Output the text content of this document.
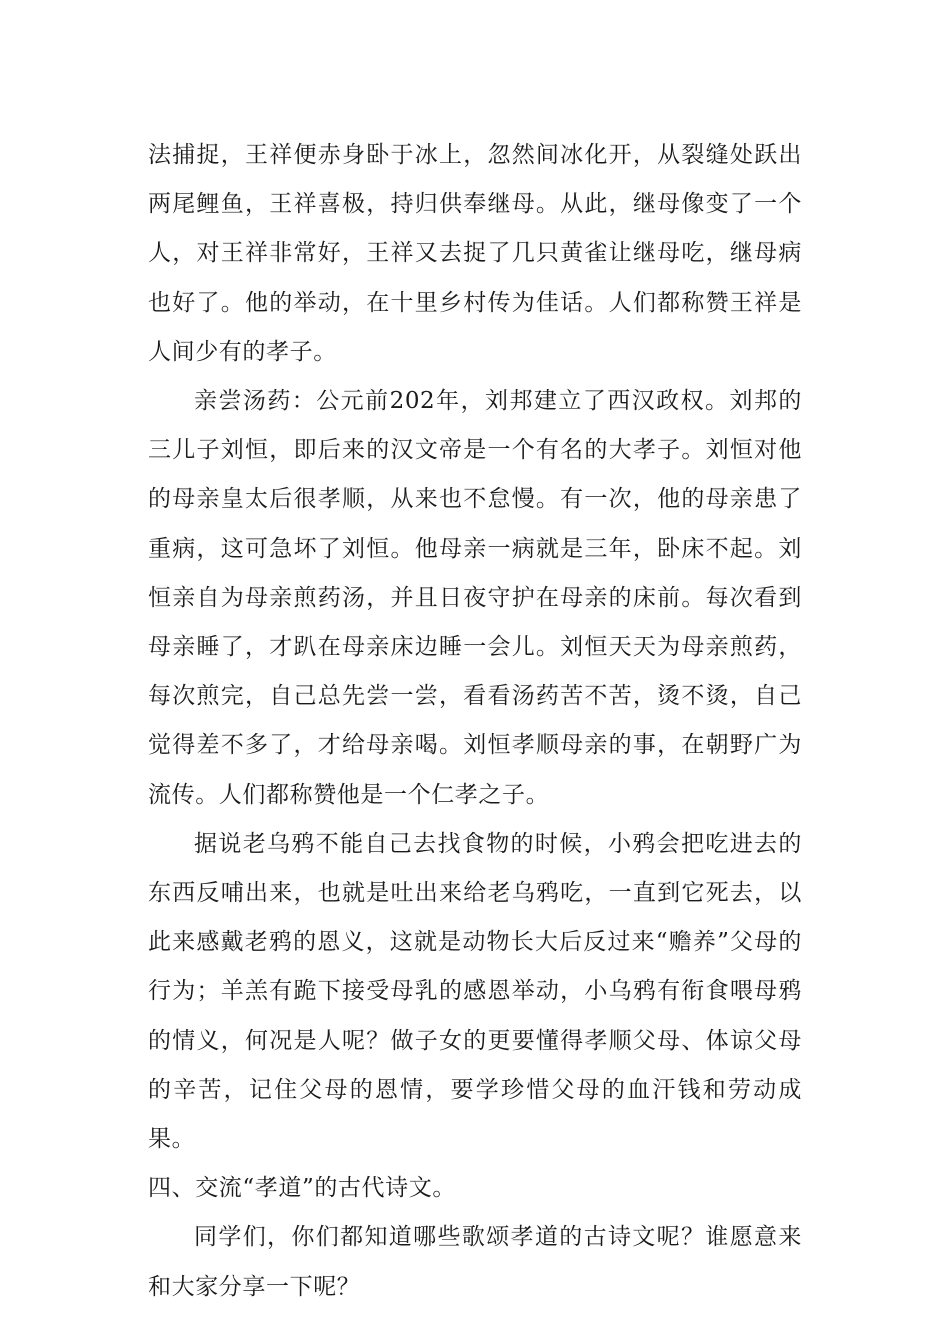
法捕捉，王祥便赤身卧于冰上，忽然间冰化开，从裂缝处跃出两尾鲤鱼，王祥喜极，持归供奉继母。从此，继母像变了一个人，对王祥非常好，王祥又去捉了几只黄雀让继母吃，继母病也好了。他的举动，在十里乡村传为佳话。人们都称赞王祥是人间少有的孝子。

亲尝汤药：公元前202年，刘邦建立了西汉政权。刘邦的三儿子刘恒，即后来的汉文帝是一个有名的大孝子。刘恒对他的母亲皇太后很孝顺，从来也不怠慢。有一次，他的母亲患了重病，这可急坏了刘恒。他母亲一病就是三年，卧床不起。刘恒亲自为母亲煎药汤，并且日夜守护在母亲的床前。每次看到母亲睡了，才趴在母亲床边睡一会儿。刘恒天天为母亲煎药，每次煎完，自己总先尝一尝，看看汤药苦不苦，烫不烫，自己觉得差不多了，才给母亲喝。刘恒孝顺母亲的事，在朝野广为流传。人们都称赞他是一个仁孝之子。

据说老乌鸦不能自己去找食物的时候，小鸦会把吃进去的东西反哺出来，也就是吐出来给老乌鸦吃，一直到它死去，以此来感戴老鸦的恩义，这就是动物长大后反过来“赡养”父母的行为；羊羔有跪下接受母乳的感恩举动，小乌鸦有衔食喂母鸦的情义，何况是人呢？做子女的更要懂得孝顺父母、体谅父母的辛苦，记住父母的恩情，要学珍惜父母的血汗钱和劳动成果。

四、交流“孝道”的古代诗文。

同学们，你们都知道哪些歌颂孝道的古诗文呢？谁愿意来和大家分享一下呢？
